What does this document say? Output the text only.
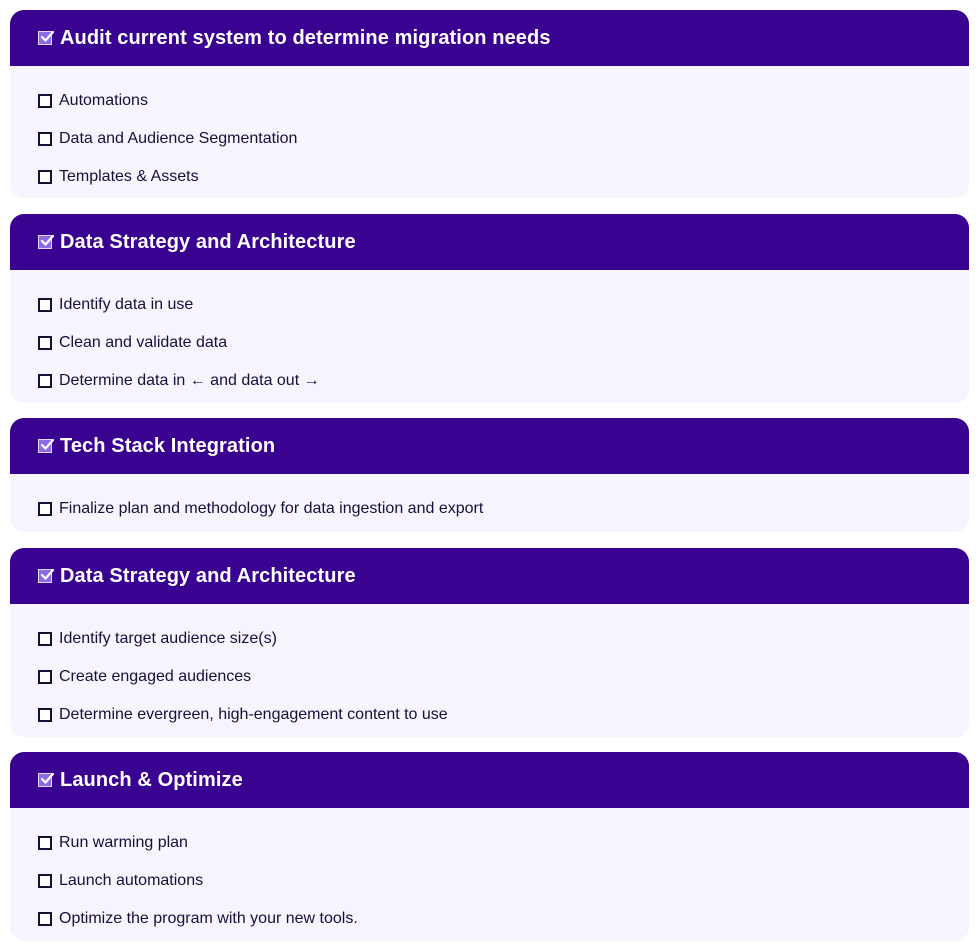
Audit current system to determine migration needs
Automations
Data and Audience Segmentation
Templates & Assets
Data Strategy and Architecture
Identify data in use
Clean and validate data
Determine data in ← and data out →
Tech Stack Integration
Finalize plan and methodology for data ingestion and export
Data Strategy and Architecture
Identify target audience size(s)
Create engaged audiences
Determine evergreen, high-engagement content to use
Launch & Optimize
Run warming plan
Launch automations
Optimize the program with your new tools.
